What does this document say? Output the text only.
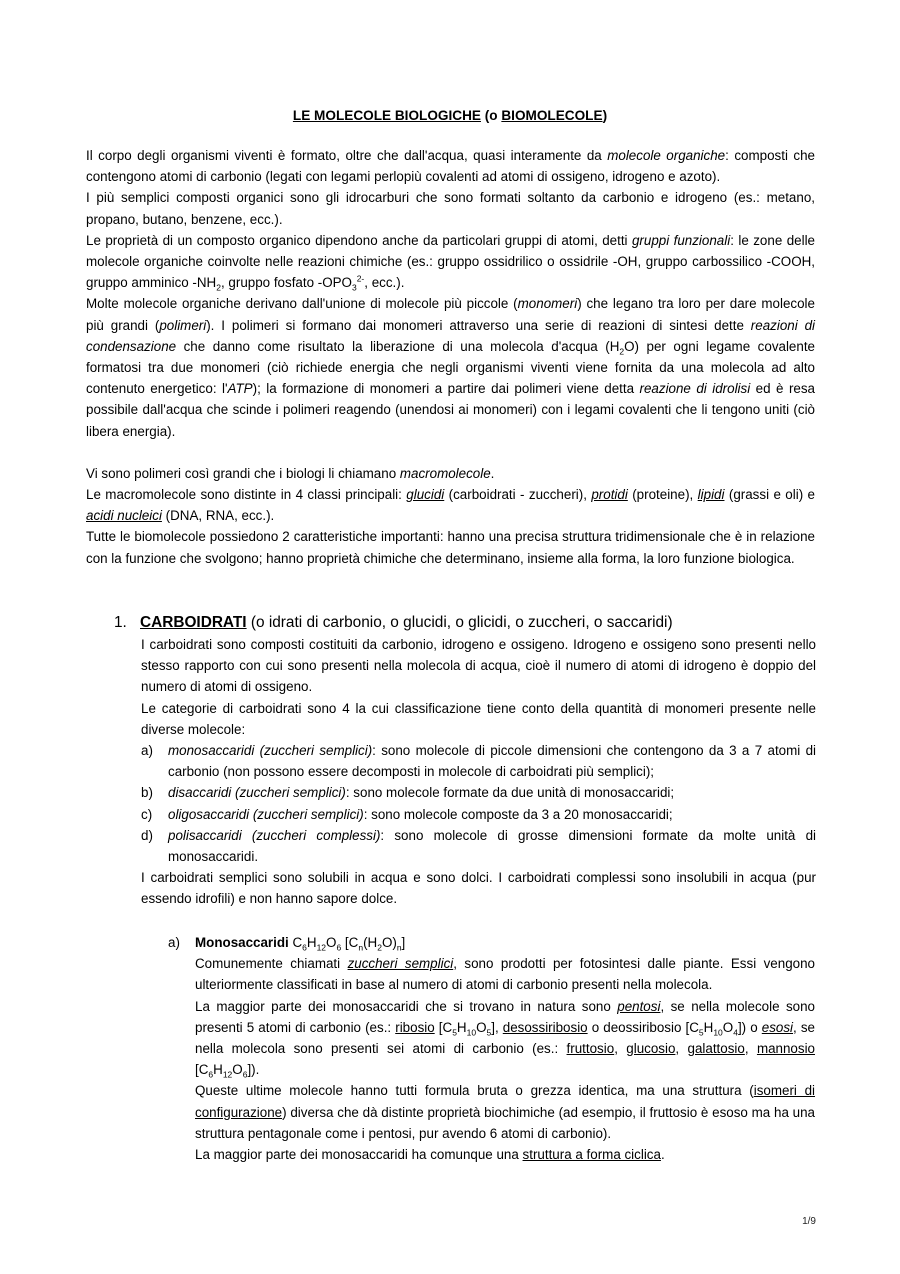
LE MOLECOLE BIOLOGICHE (o BIOMOLECOLE)

Il corpo degli organismi viventi è formato, oltre che dall'acqua, quasi interamente da molecole organiche: composti che contengono atomi di carbonio (legati con legami perlopiù covalenti ad atomi di ossigeno, idrogeno e azoto).

I più semplici composti organici sono gli idrocarburi che sono formati soltanto da carbonio e idrogeno (es.: metano, propano, butano, benzene, ecc.).

Le proprietà di un composto organico dipendono anche da particolari gruppi di atomi, detti gruppi funzionali: le zone delle molecole organiche coinvolte nelle reazioni chimiche (es.: gruppo ossidrilico o ossidrile -OH, gruppo carbossilico -COOH, gruppo amminico $-NH_2$, gruppo fosfato $-OPO_3^{2-}$, ecc.).

Molte molecole organiche derivano dall'unione di molecole più piccole (monomeri) che legano tra loro per dare molecole più grandi (polimeri). I polimeri si formano dai monomeri attraverso una serie di reazioni di sintesi dette reazioni di condensazione che danno come risultato la liberazione di una molecola d'acqua $(H_2O)$ per ogni legame covalente formatosi tra due monomeri (ciò richiede energia che negli organismi viventi viene fornita da una molecola ad alto contenuto energetico: l'ATP); la formazione di monomeri a partire dai polimeri viene detta reazione di idrolisi ed è resa possibile dall'acqua che scinde i polimeri reagendo (unendosi ai monomeri) con i legami covalenti che li tengono uniti (ciò libera energia).

Vi sono polimeri così grandi che i biologi li chiamano macromolecole.

Le macromolecole sono distinte in 4 classi principali: glucidi (carboidrati - zuccheri), protidi (proteine), lipidi (grassi e oli) e acidi nucleici (DNA, RNA, ecc.).

Tutte le biomolecole possiedono 2 caratteristiche importanti: hanno una precisa struttura tridimensionale che è in relazione con la funzione che svolgono; hanno proprietà chimiche che determinano, insieme alla forma, la loro funzione biologica.

1. CARBOIDRATI (o idrati di carbonio, o glucidi, o glicidi, o zuccheri, o saccaridi)

I carboidrati sono composti costituiti da carbonio, idrogeno e ossigeno. Idrogeno e ossigeno sono presenti nello stesso rapporto con cui sono presenti nella molecola di acqua, cioè il numero di atomi di idrogeno è doppio del numero di atomi di ossigeno.

Le categorie di carboidrati sono 4 la cui classificazione tiene conto della quantità di monomeri presente nelle diverse molecole:

a)	monosaccaridi (zuccheri semplici): sono molecole di piccole dimensioni che contengono da 3 a 7 atomi di carbonio (non possono essere decomposti in molecole di carboidrati più semplici);
b)	disaccaridi (zuccheri semplici): sono molecole formate da due unità di monosaccaridi;
c)	oligosaccaridi (zuccheri semplici): sono molecole composte da 3 a 20 monosaccaridi;
d)	polisaccaridi (zuccheri complessi): sono molecole di grosse dimensioni formate da molte unità di monosaccaridi.

I carboidrati semplici sono solubili in acqua e sono dolci. I carboidrati complessi sono insolubili in acqua (pur essendo idrofili) e non hanno sapore dolce.

a)	Monosaccaridi $C_6H_{12}O_6$ $[C_n(H_2O)_n]$

Comunemente chiamati zuccheri semplici, sono prodotti per fotosintesi dalle piante. Essi vengono ulteriormente classificati in base al numero di atomi di carbonio presenti nella molecola.

La maggior parte dei monosaccaridi che si trovano in natura sono pentosi, se nella molecole sono presenti 5 atomi di carbonio (es.: ribosio $[C_5H_{10}O_5]$, desossiribosio o deossiribosio $[C_5H_{10}O_4]$) o esosi, se nella molecola sono presenti sei atomi di carbonio (es.: fruttosio, glucosio, galattosio, mannosio $[C_6H_{12}O_6]$).

Queste ultime molecole hanno tutti formula bruta o grezza identica, ma una struttura (isomeri di configurazione) diversa che dà distinte proprietà biochimiche (ad esempio, il fruttosio è esoso ma ha una struttura pentagonale come i pentosi, pur avendo 6 atomi di carbonio).

La maggior parte dei monosaccaridi ha comunque una struttura a forma ciclica.

1/9
